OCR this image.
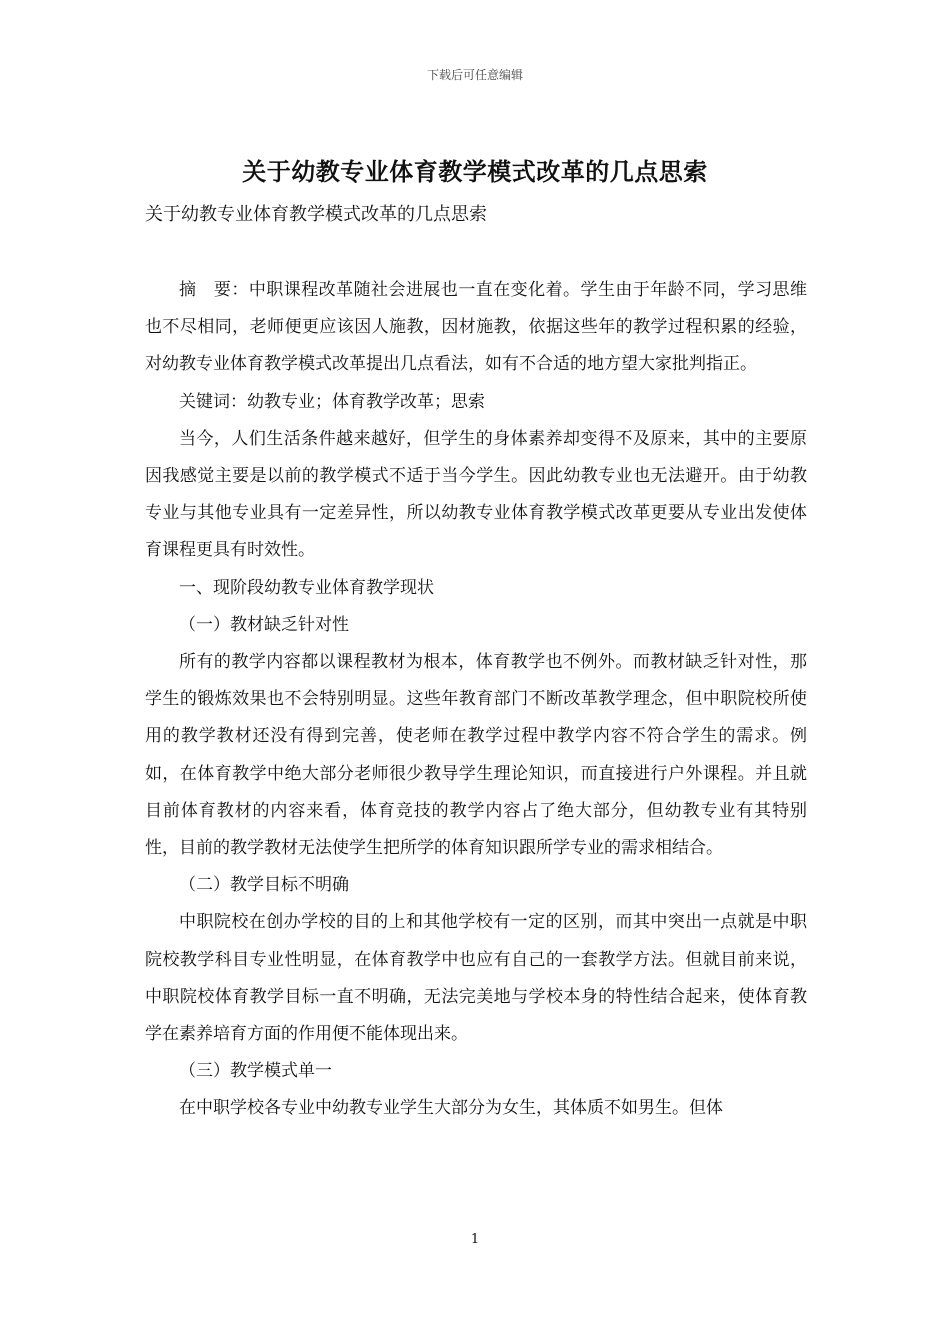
下载后可任意编辑
关于幼教专业体育教学模式改革的几点思索
关于幼教专业体育教学模式改革的几点思索

摘　要：中职课程改革随社会进展也一直在变化着。学生由于年龄不同，学习思维也不尽相同，老师便更应该因人施教，因材施教，依据这些年的教学过程积累的经验，对幼教专业体育教学模式改革提出几点看法，如有不合适的地方望大家批判指正。

关键词：幼教专业；体育教学改革；思索

当今，人们生活条件越来越好，但学生的身体素养却变得不及原来，其中的主要原因我感觉主要是以前的教学模式不适于当今学生。因此幼教专业也无法避开。由于幼教专业与其他专业具有一定差异性，所以幼教专业体育教学模式改革更要从专业出发使体育课程更具有时效性。

一、现阶段幼教专业体育教学现状

（一）教材缺乏针对性

所有的教学内容都以课程教材为根本，体育教学也不例外。而教材缺乏针对性，那学生的锻炼效果也不会特别明显。这些年教育部门不断改革教学理念，但中职院校所使用的教学教材还没有得到完善，使老师在教学过程中教学内容不符合学生的需求。例如，在体育教学中绝大部分老师很少教导学生理论知识，而直接进行户外课程。并且就目前体育教材的内容来看，体育竞技的教学内容占了绝大部分，但幼教专业有其特别性，目前的教学教材无法使学生把所学的体育知识跟所学专业的需求相结合。

（二）教学目标不明确

中职院校在创办学校的目的上和其他学校有一定的区别，而其中突出一点就是中职院校教学科目专业性明显，在体育教学中也应有自己的一套教学方法。但就目前来说，中职院校体育教学目标一直不明确，无法完美地与学校本身的特性结合起来，使体育教学在素养培育方面的作用便不能体现出来。

（三）教学模式单一

在中职学校各专业中幼教专业学生大部分为女生，其体质不如男生。但体

1
